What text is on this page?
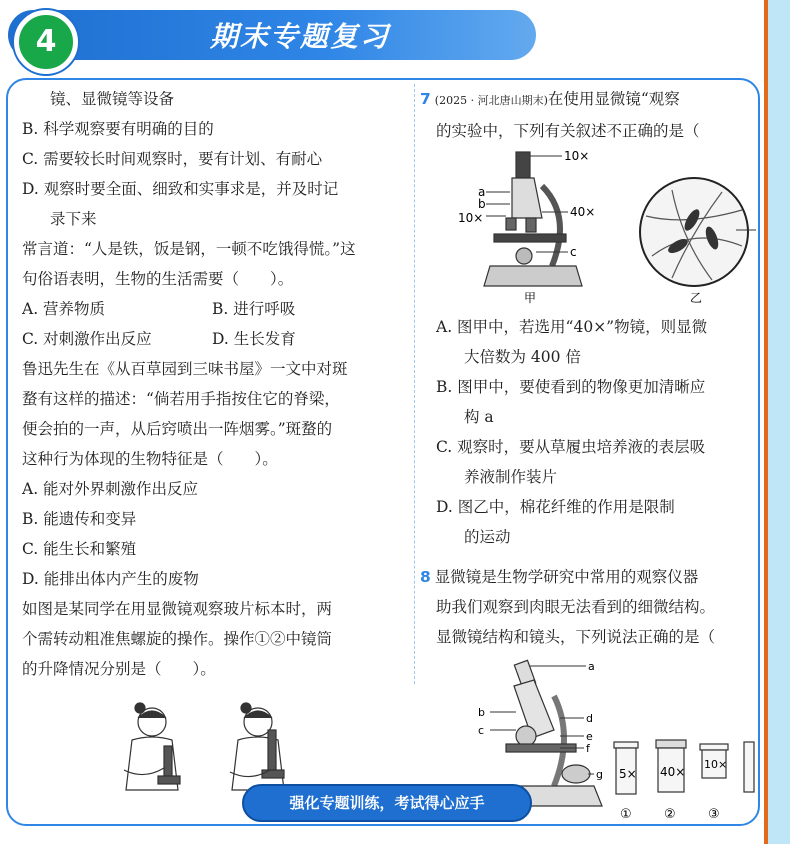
4	期末专题复习
镜、显微镜等设备
B. 科学观察要有明确的目的
C. 需要较长时间观察时，要有计划、有耐心
D. 观察时要全面、细致和实事求是，并及时记
录下来
常言道：“人是铁，饭是钢，一顿不吃饿得慌。”这
句俗语表明，生物的生活需要（　　）。
A. 营养物质	B. 进行呼吸
C. 对刺激作出反应	D. 生长发育
鲁迅先生在《从百草园到三味书屋》一文中对斑
蝥有这样的描述：“倘若用手指按住它的脊梁，
便会拍的一声，从后窍喷出一阵烟雾。”斑蝥的
这种行为体现的生物特征是（　　）。
A. 能对外界刺激作出反应
B. 能遗传和变异
C. 能生长和繁殖
D. 能排出体内产生的废物
如图是某同学在用显微镜观察玻片标本时，两
个需转动粗准焦螺旋的操作。操作①②中镜筒
的升降情况分别是（　　）。
7 (2025 · 河北唐山期末)在使用显微镜“观察
的实验中，下列有关叙述不正确的是（
10×
40×
a
b
10×
c
甲	乙
A. 图甲中，若选用“40×”物镜，则显微
大倍数为 400 倍
B. 图甲中，要使看到的物像更加清晰应
构 a
C. 观察时，要从草履虫培养液的表层吸
养液制作装片
D. 图乙中，棉花纤维的作用是限制
的运动
8 显微镜是生物学研究中常用的观察仪器
助我们观察到肉眼无法看到的细微结构。
显微镜结构和镜头，下列说法正确的是（
a
b
c
d
e
f
g 5× 40×
10×
① ② ③
强化专题训练，考试得心应手
